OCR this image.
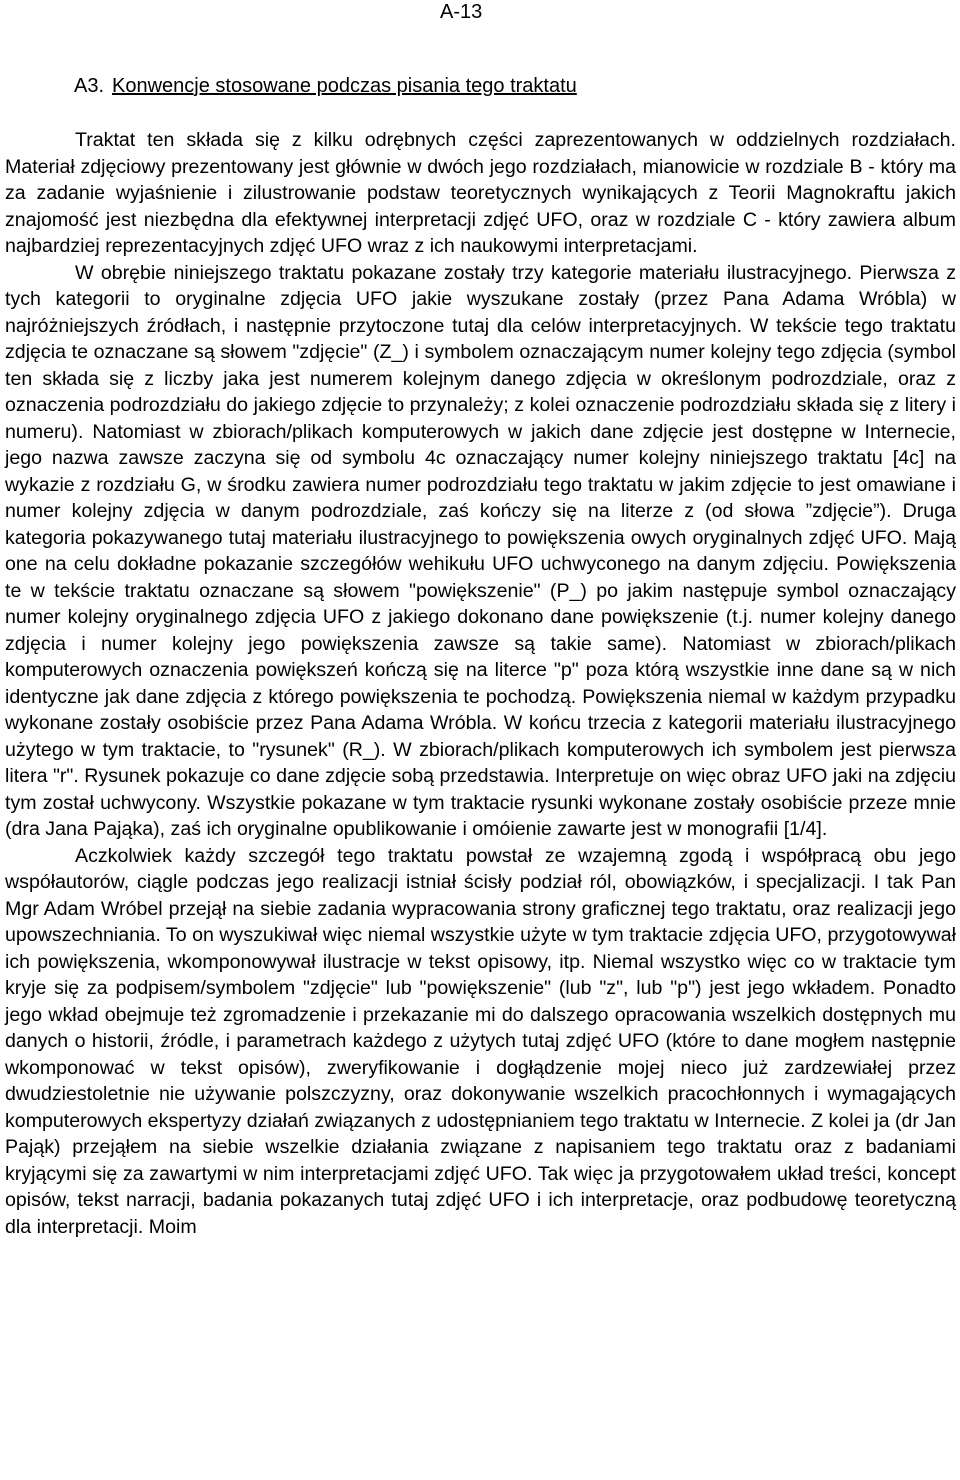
A-13
A3. Konwencje stosowane podczas pisania tego traktatu

Traktat ten składa się z kilku odrębnych części zaprezentowanych w oddzielnych rozdziałach. Materiał zdjęciowy prezentowany jest głównie w dwóch jego rozdziałach, mianowicie w rozdziale B - który ma za zadanie wyjaśnienie i zilustrowanie podstaw teoretycznych wynikających z Teorii Magnokraftu jakich znajomość jest niezbędna dla efektywnej interpretacji zdjęć UFO, oraz w rozdziale C - który zawiera album najbardziej reprezentacyjnych zdjęć UFO wraz z ich naukowymi interpretacjami.

W obrębie niniejszego traktatu pokazane zostały trzy kategorie materiału ilustracyjnego. Pierwsza z tych kategorii to oryginalne zdjęcia UFO jakie wyszukane zostały (przez Pana Adama Wróbla) w najróżniejszych źródłach, i następnie przytoczone tutaj dla celów interpretacyjnych. W tekście tego traktatu zdjęcia te oznaczane są słowem "zdjęcie" (Z_) i symbolem oznaczającym numer kolejny tego zdjęcia (symbol ten składa się z liczby jaka jest numerem kolejnym danego zdjęcia w określonym podrozdziale, oraz z oznaczenia podrozdziału do jakiego zdjęcie to przynależy; z kolei oznaczenie podrozdziału składa się z litery i numeru). Natomiast w zbiorach/plikach komputerowych w jakich dane zdjęcie jest dostępne w Internecie, jego nazwa zawsze zaczyna się od symbolu 4c oznaczający numer kolejny niniejszego traktatu [4c] na wykazie z rozdziału G, w środku zawiera numer podrozdziału tego traktatu w jakim zdjęcie to jest omawiane i numer kolejny zdjęcia w danym podrozdziale, zaś kończy się na literze z (od słowa ”zdjęcie”). Druga kategoria pokazywanego tutaj materiału ilustracyjnego to powiększenia owych oryginalnych zdjęć UFO. Mają one na celu dokładne pokazanie szczegółów wehikułu UFO uchwyconego na danym zdjęciu. Powiększenia te w tekście traktatu oznaczane są słowem "powiększenie" (P_) po jakim następuje symbol oznaczający numer kolejny oryginalnego zdjęcia UFO z jakiego dokonano dane powiększenie (t.j. numer kolejny danego zdjęcia i numer kolejny jego powiększenia zawsze są takie same). Natomiast w zbiorach/plikach komputerowych oznaczenia powiększeń kończą się na literce "p" poza którą wszystkie inne dane są w nich identyczne jak dane zdjęcia z którego powiększenia te pochodzą. Powiększenia niemal w każdym przypadku wykonane zostały osobiście przez Pana Adama Wróbla. W końcu trzecia z kategorii materiału ilustracyjnego użytego w tym traktacie, to "rysunek" (R_). W zbiorach/plikach komputerowych ich symbolem jest pierwsza litera "r". Rysunek pokazuje co dane zdjęcie sobą przedstawia. Interpretuje on więc obraz UFO jaki na zdjęciu tym został uchwycony. Wszystkie pokazane w tym traktacie rysunki wykonane zostały osobiście przeze mnie (dra Jana Pająka), zaś ich oryginalne opublikowanie i omóienie zawarte jest w monografii [1/4].

Aczkolwiek każdy szczegół tego traktatu powstał ze wzajemną zgodą i współpracą obu jego współautorów, ciągle podczas jego realizacji istniał ścisły podział ról, obowiązków, i specjalizacji. I tak Pan Mgr Adam Wróbel przejął na siebie zadania wypracowania strony graficznej tego traktatu, oraz realizacji jego upowszechniania. To on wyszukiwał więc niemal wszystkie użyte w tym traktacie zdjęcia UFO, przygotowywał ich powiększenia, wkomponowywał ilustracje w tekst opisowy, itp. Niemal wszystko więc co w traktacie tym kryje się za podpisem/symbolem "zdjęcie" lub "powiększenie" (lub "z", lub "p") jest jego wkładem. Ponadto jego wkład obejmuje też zgromadzenie i przekazanie mi do dalszego opracowania wszelkich dostępnych mu danych o historii, źródle, i parametrach każdego z użytych tutaj zdjęć UFO (które to dane mogłem następnie wkomponować w tekst opisów), zweryfikowanie i dogłądzenie mojej nieco już zardzewiałej przez dwudziestoletnie nie używanie polszczyzny, oraz dokonywanie wszelkich pracochłonnych i wymagających komputerowych ekspertyzy działań związanych z udostępnianiem tego traktatu w Internecie. Z kolei ja (dr Jan Pająk) przejąłem na siebie wszelkie działania związane z napisaniem tego traktatu oraz z badaniami kryjącymi się za zawartymi w nim interpretacjami zdjęć UFO. Tak więc ja przygotowałem układ treści, koncept opisów, tekst narracji, badania pokazanych tutaj zdjęć UFO i ich interpretacje, oraz podbudowę teoretyczną dla interpretacji. Moim
